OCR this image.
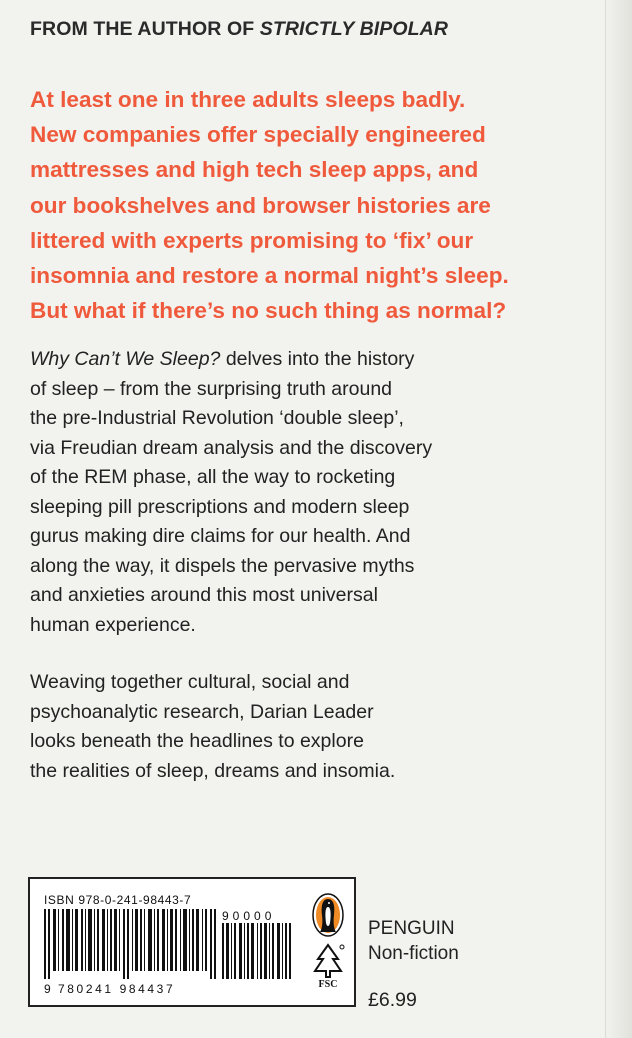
FROM THE AUTHOR OF STRICTLY BIPOLAR
At least one in three adults sleeps badly.
New companies offer specially engineered
mattresses and high tech sleep apps, and
our bookshelves and browser histories are
littered with experts promising to ‘fix’ our
insomnia and restore a normal night’s sleep.
But what if there’s no such thing as normal?
Why Can’t We Sleep? delves into the history
of sleep – from the surprising truth around
the pre-Industrial Revolution ‘double sleep’,
via Freudian dream analysis and the discovery
of the REM phase, all the way to rocketing
sleeping pill prescriptions and modern sleep
gurus making dire claims for our health. And
along the way, it dispels the pervasive myths
and anxieties around this most universal
human experience.
Weaving together cultural, social and
psychoanalytic research, Darian Leader
looks beneath the headlines to explore
the realities of sleep, dreams and insomia.
ISBN 978-0-241-98443-7
90000
9 780241 984437	FSC
PENGUIN
Non-fiction
£6.99
